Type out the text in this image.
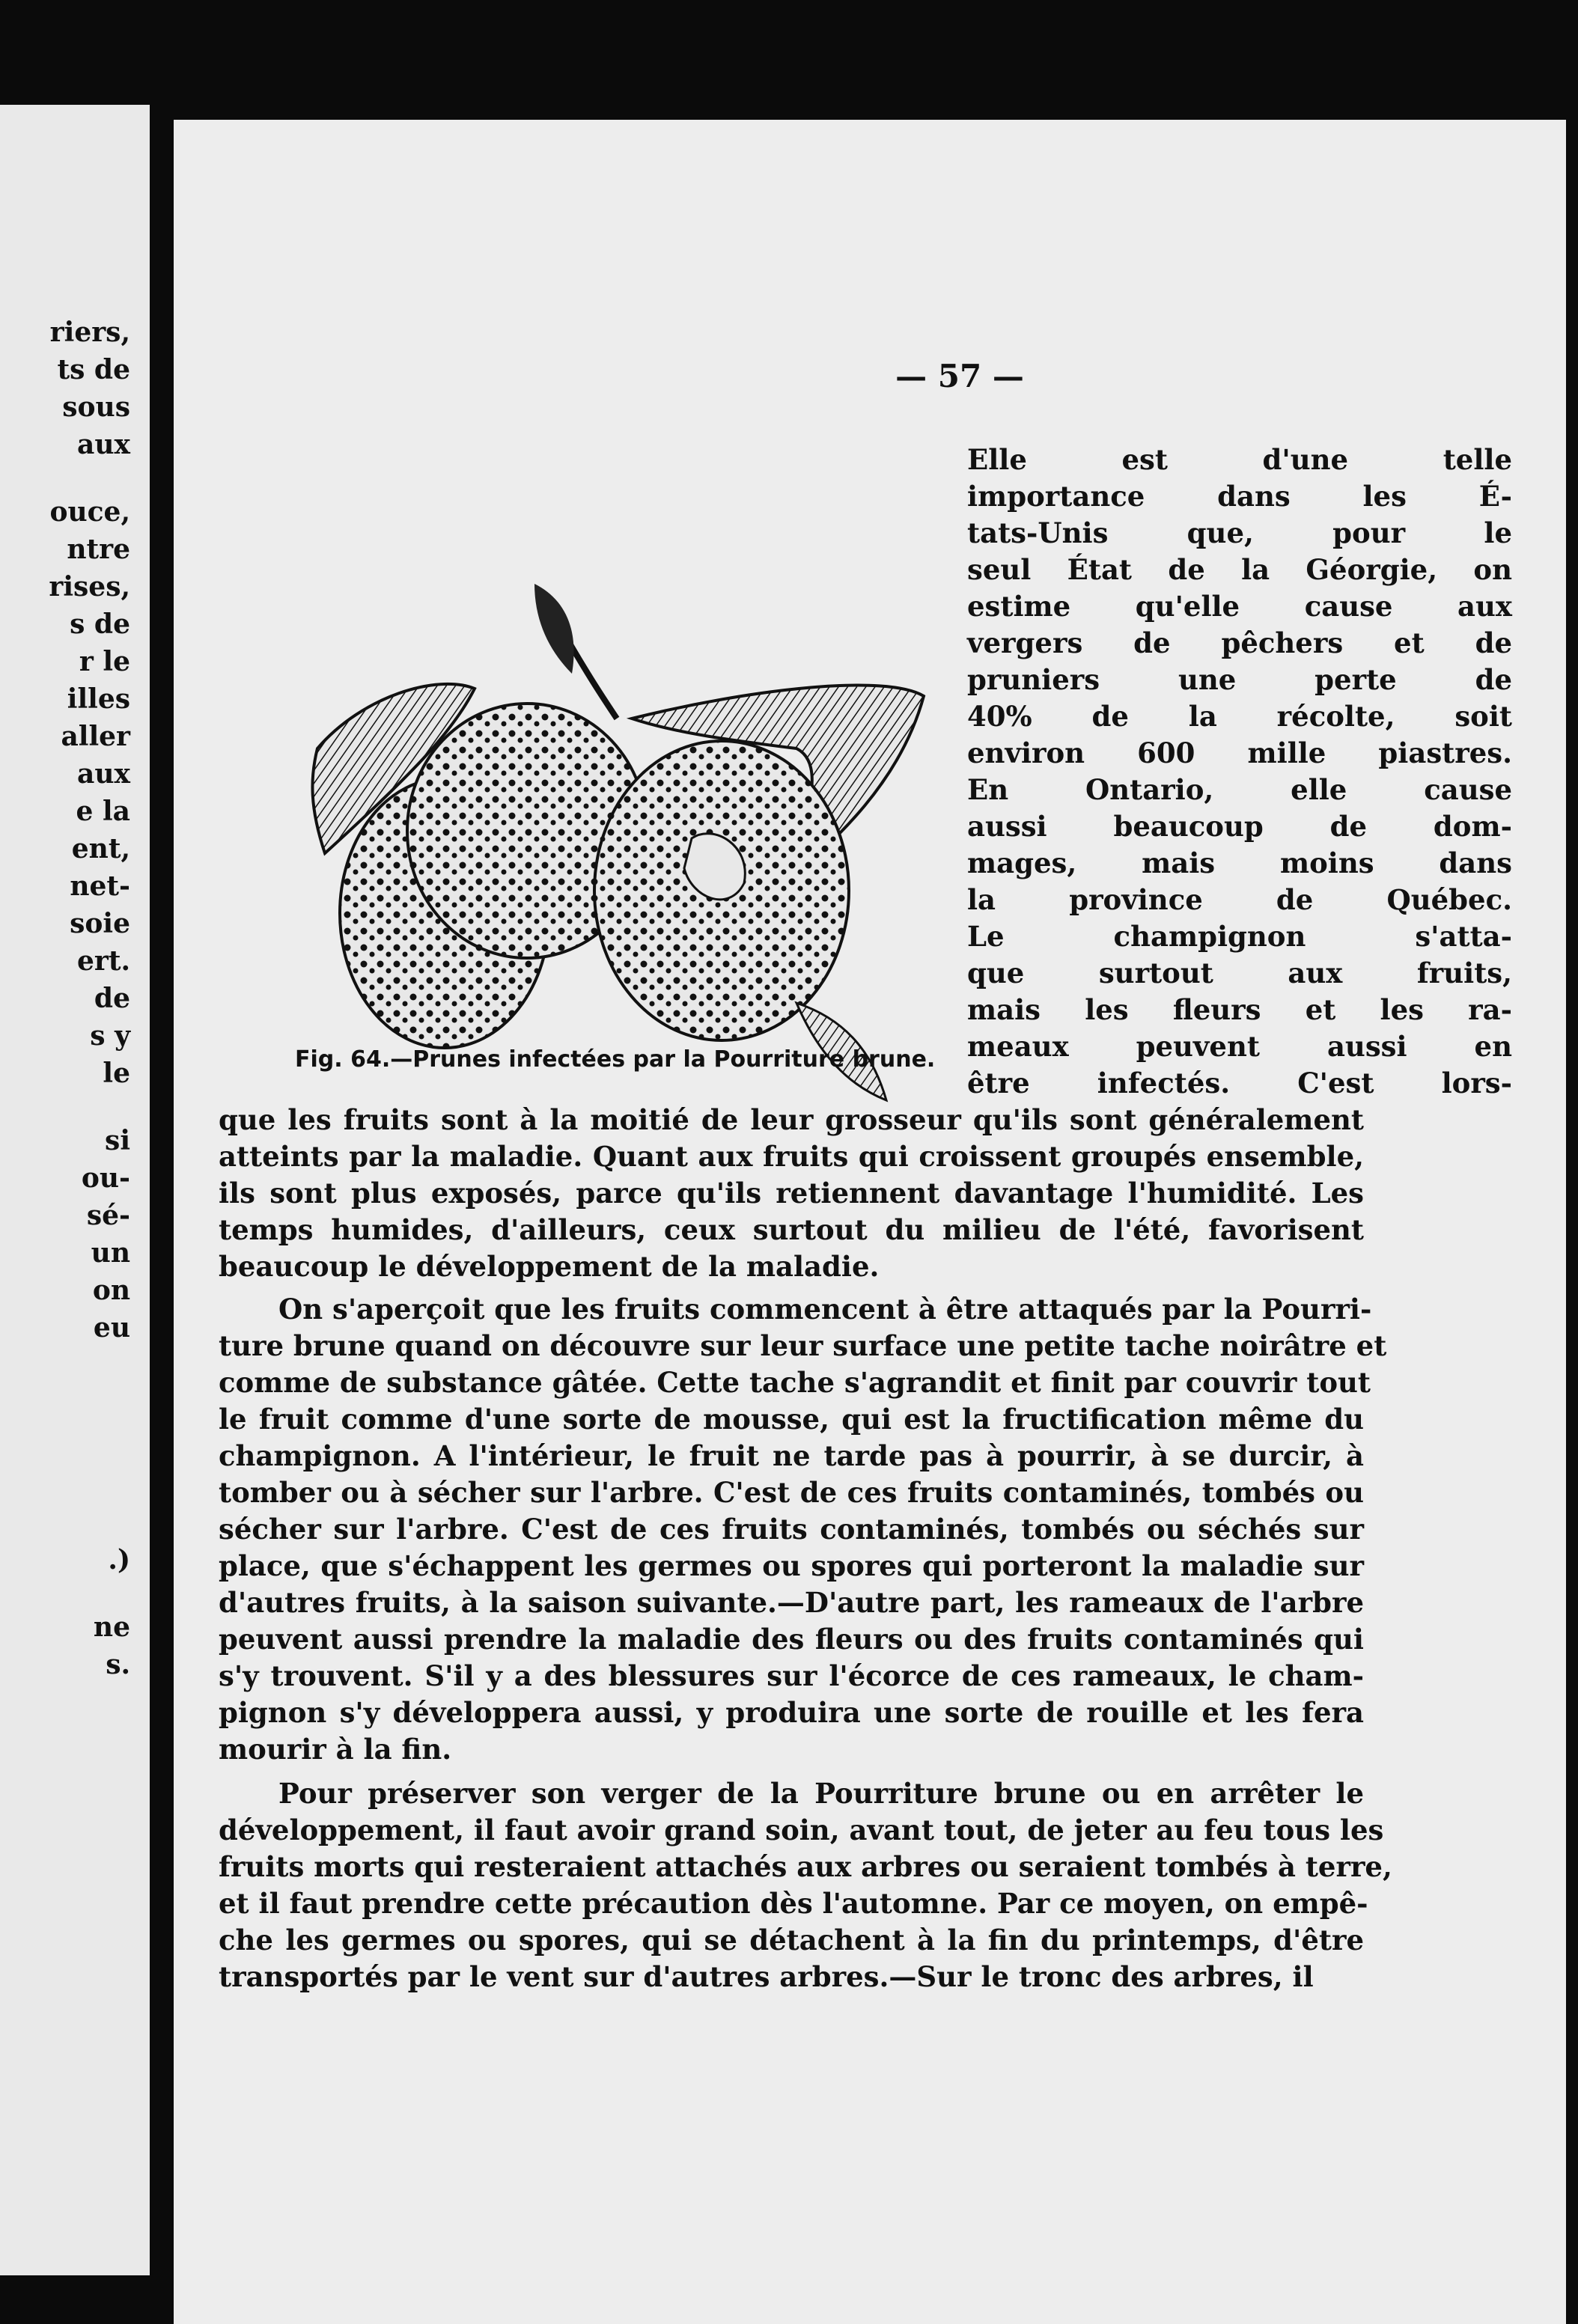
riers,
ts de
sous
aux
ouce,
ntre
rises,
s de
r le
illes
aller
aux
e la
ent,
net-
soie
ert.
de
s y
le
si
ou-
sé-
un
on
eu
.)
ne
s.
— 57 —
Fig. 64.—Prunes infectées par la Pourriture brune.
Elle est d'une telle
importance dans les É-
tats-Unis que, pour le
seul État de la Géorgie, on
estime qu'elle cause aux
vergers de pêchers et de
pruniers une perte de
40% de la récolte, soit
environ 600 mille piastres.
En Ontario, elle cause
aussi beaucoup de dom-
mages, mais moins dans
la province de Québec.
Le champignon s'atta-
que surtout aux fruits,
mais les fleurs et les ra-
meaux peuvent aussi en
être infectés. C'est lors-
que les fruits sont à la moitié de leur grosseur qu'ils sont généralement
atteints par la maladie. Quant aux fruits qui croissent groupés ensemble,
ils sont plus exposés, parce qu'ils retiennent davantage l'humidité. Les
temps humides, d'ailleurs, ceux surtout du milieu de l'été, favorisent
beaucoup le développement de la maladie.
On s'aperçoit que les fruits commencent à être attaqués par la Pourri-
ture brune quand on découvre sur leur surface une petite tache noirâtre et
comme de substance gâtée. Cette tache s'agrandit et finit par couvrir tout
le fruit comme d'une sorte de mousse, qui est la fructification même du
champignon. A l'intérieur, le fruit ne tarde pas à pourrir, à se durcir, à
tomber ou à sécher sur l'arbre. C'est de ces fruits contaminés, tombés ou
sécher sur l'arbre. C'est de ces fruits contaminés, tombés ou séchés sur
place, que s'échappent les germes ou spores qui porteront la maladie sur
d'autres fruits, à la saison suivante.—D'autre part, les rameaux de l'arbre
peuvent aussi prendre la maladie des fleurs ou des fruits contaminés qui
s'y trouvent. S'il y a des blessures sur l'écorce de ces rameaux, le cham-
pignon s'y développera aussi, y produira une sorte de rouille et les fera
mourir à la fin.
Pour préserver son verger de la Pourriture brune ou en arrêter le
développement, il faut avoir grand soin, avant tout, de jeter au feu tous les
fruits morts qui resteraient attachés aux arbres ou seraient tombés à terre,
et il faut prendre cette précaution dès l'automne. Par ce moyen, on empê-
che les germes ou spores, qui se détachent à la fin du printemps, d'être
transportés par le vent sur d'autres arbres.—Sur le tronc des arbres, il
